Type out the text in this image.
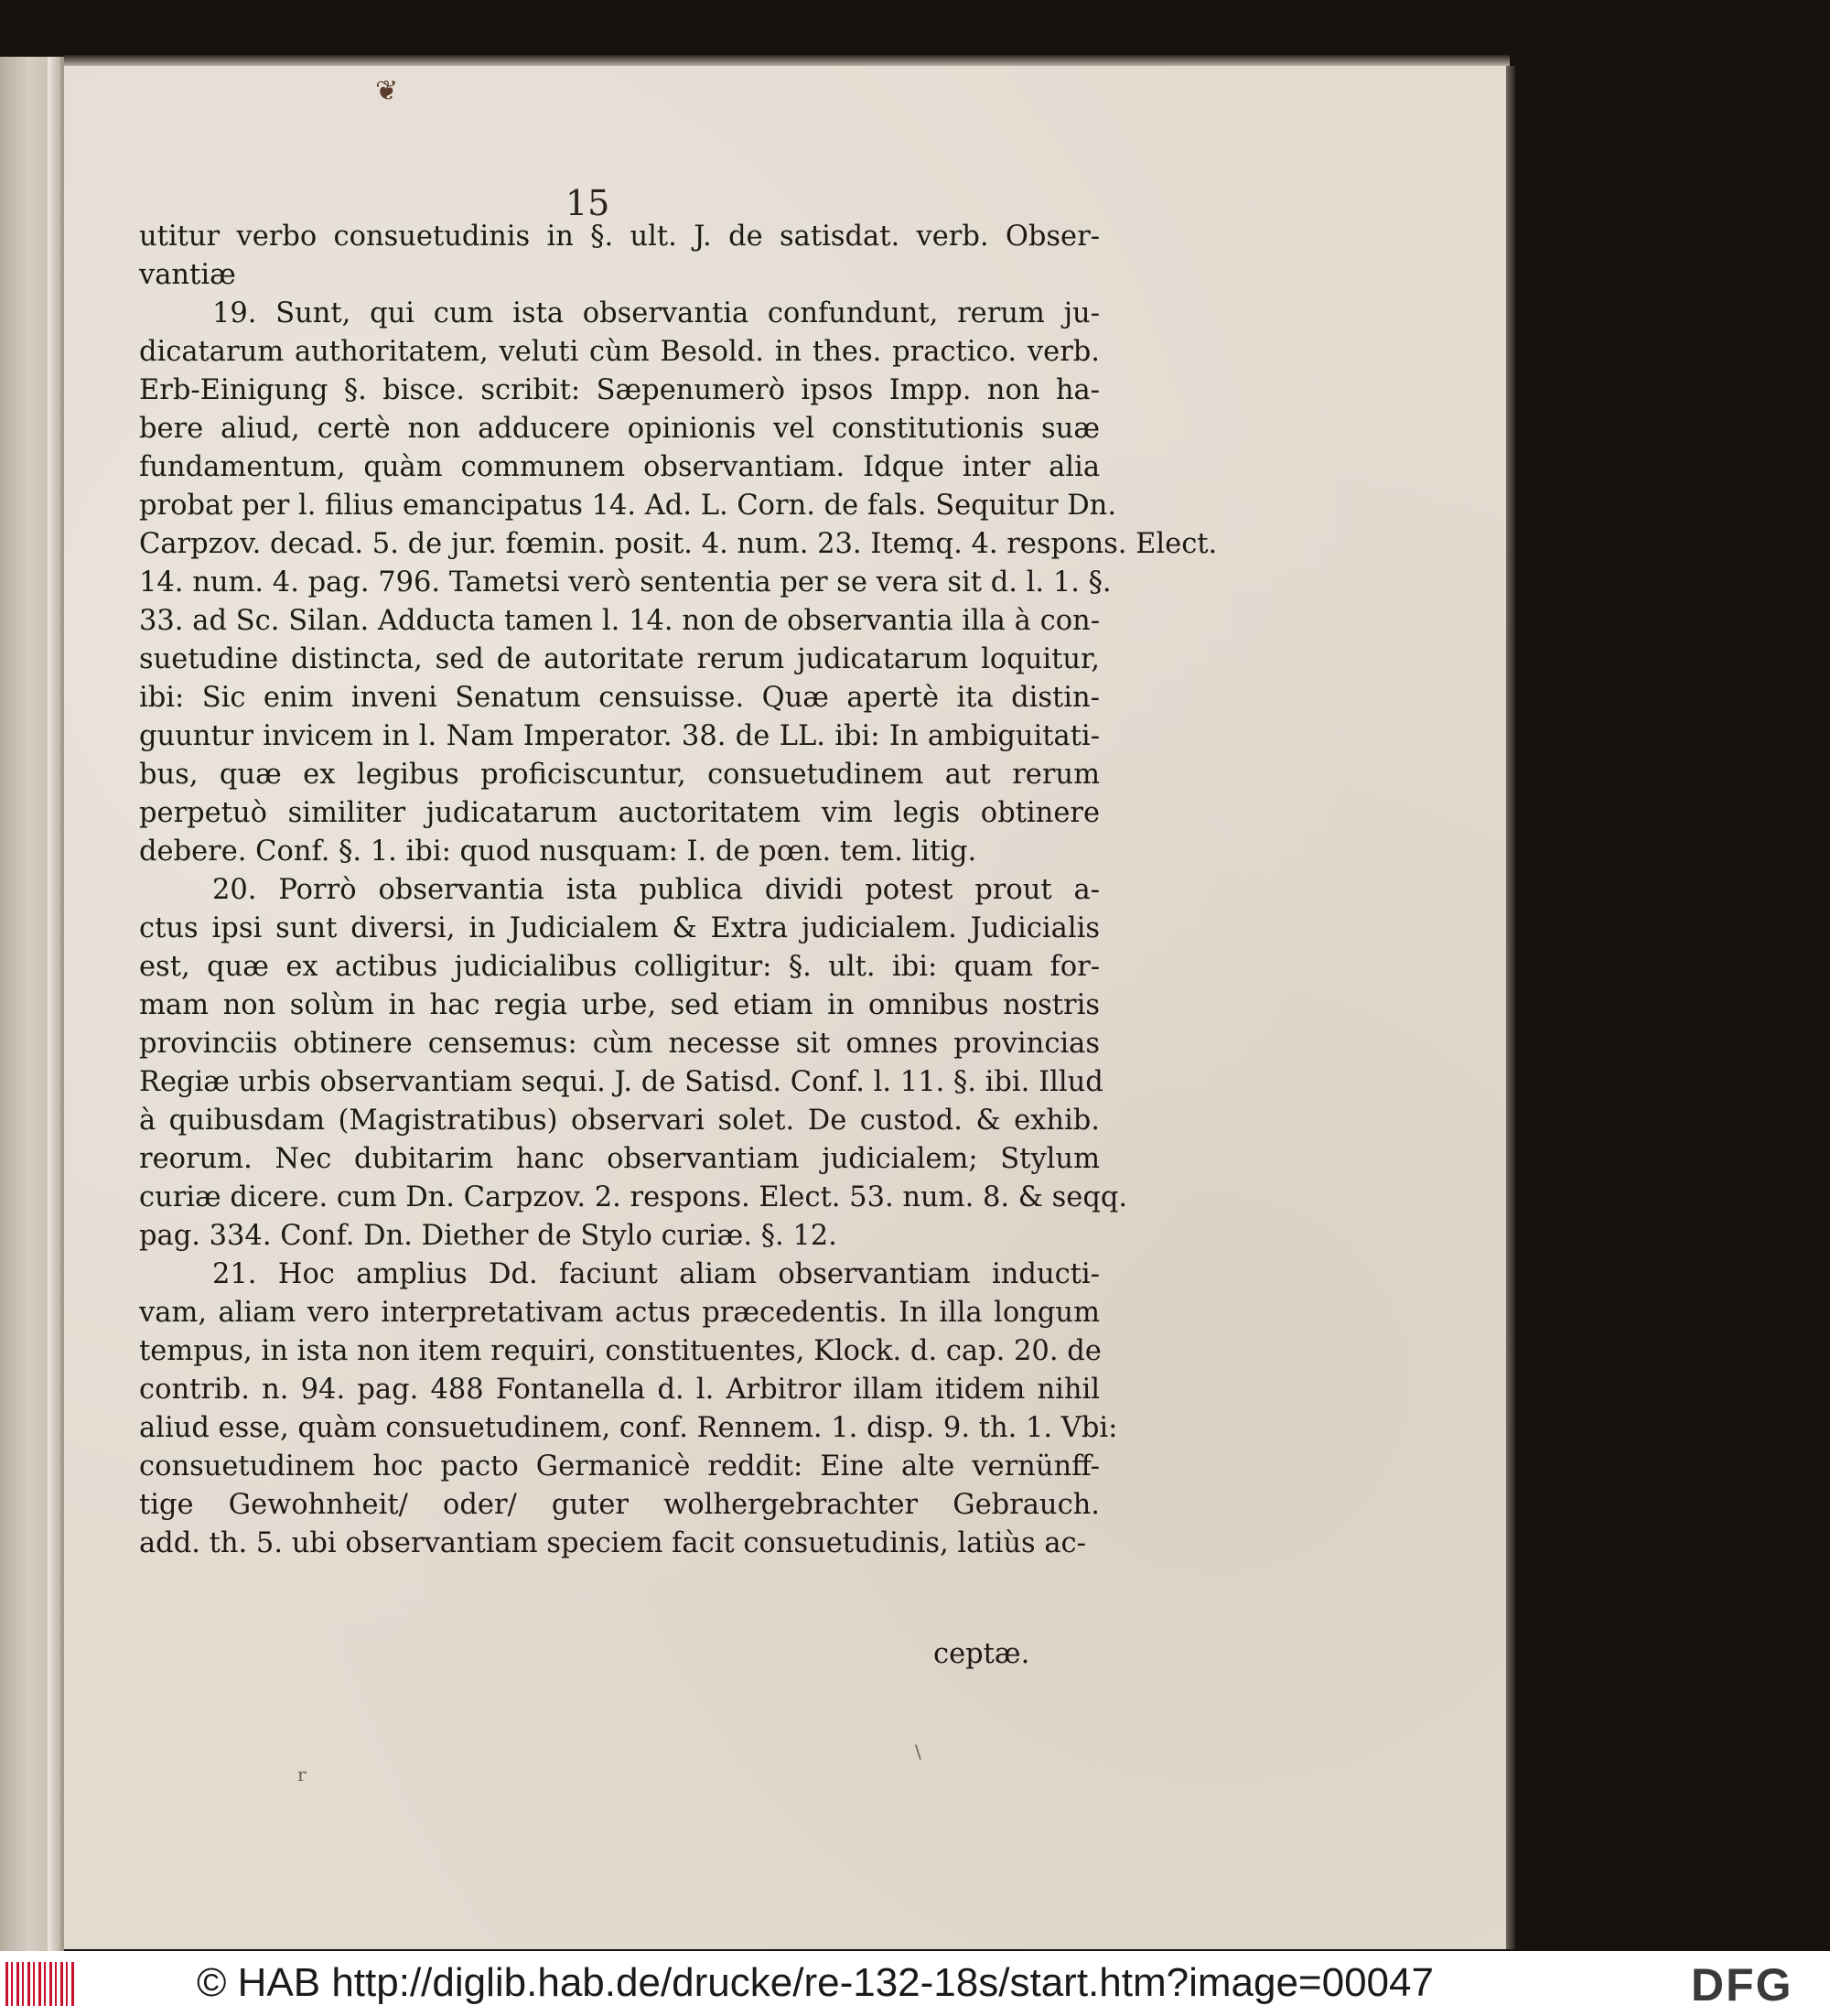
❦
15
utitur verbo consuetudinis in §. ult. J. de satisdat. verb. Obser-
vantiæ
19. Sunt, qui cum ista observantia confundunt, rerum ju-
dicatarum authoritatem, veluti cùm Besold. in thes. practico. verb.
Erb-Einigung §. bisce. scribit: Sæpenumerò ipsos Impp. non ha-
bere aliud, certè non adducere opinionis vel constitutionis suæ
fundamentum, quàm communem observantiam. Idque inter alia
probat per l. filius emancipatus 14. Ad. L. Corn. de fals. Sequitur Dn.
Carpzov. decad. 5. de jur. fœmin. posit. 4. num. 23. Itemq. 4. respons. Elect.
14. num. 4. pag. 796. Tametsi verò sententia per se vera sit d. l. 1. §.
33. ad Sc. Silan. Adducta tamen l. 14. non de observantia illa à con-
suetudine distincta, sed de autoritate rerum judicatarum loquitur,
ibi: Sic enim inveni Senatum censuisse. Quæ apertè ita distin-
guuntur invicem in l. Nam Imperator. 38. de LL. ibi: In ambiguitati-
bus, quæ ex legibus proficiscuntur, consuetudinem aut rerum
perpetuò similiter judicatarum auctoritatem vim legis obtinere
debere. Conf. §. 1. ibi: quod nusquam: I. de pœn. tem. litig.
20. Porrò observantia ista publica dividi potest prout a-
ctus ipsi sunt diversi, in Judicialem & Extra judicialem. Judicialis
est, quæ ex actibus judicialibus colligitur: §. ult. ibi: quam for-
mam non solùm in hac regia urbe, sed etiam in omnibus nostris
provinciis obtinere censemus: cùm necesse sit omnes provincias
Regiæ urbis observantiam sequi. J. de Satisd. Conf. l. 11. §. ibi. Illud
à quibusdam (Magistratibus) observari solet. De custod. & exhib.
reorum. Nec dubitarim hanc observantiam judicialem; Stylum
curiæ dicere. cum Dn. Carpzov. 2. respons. Elect. 53. num. 8. & seqq.
pag. 334. Conf. Dn. Diether de Stylo curiæ. §. 12.
21. Hoc amplius Dd. faciunt aliam observantiam inducti-
vam, aliam vero interpretativam actus præcedentis. In illa longum
tempus, in ista non item requiri, constituentes, Klock. d. cap. 20. de
contrib. n. 94. pag. 488 Fontanella d. l. Arbitror illam itidem nihil
aliud esse, quàm consuetudinem, conf. Rennem. 1. disp. 9. th. 1. Vbi:
consuetudinem hoc pacto Germanicè reddit: Eine alte vernünff-
tige Gewohnheit/ oder/ guter wolhergebrachter Gebrauch.
add. th. 5. ubi observantiam speciem facit consuetudinis, latiùs ac-
ceptæ.
\
r
© HAB http://diglib.hab.de/drucke/re-132-18s/start.htm?image=00047	DFG
